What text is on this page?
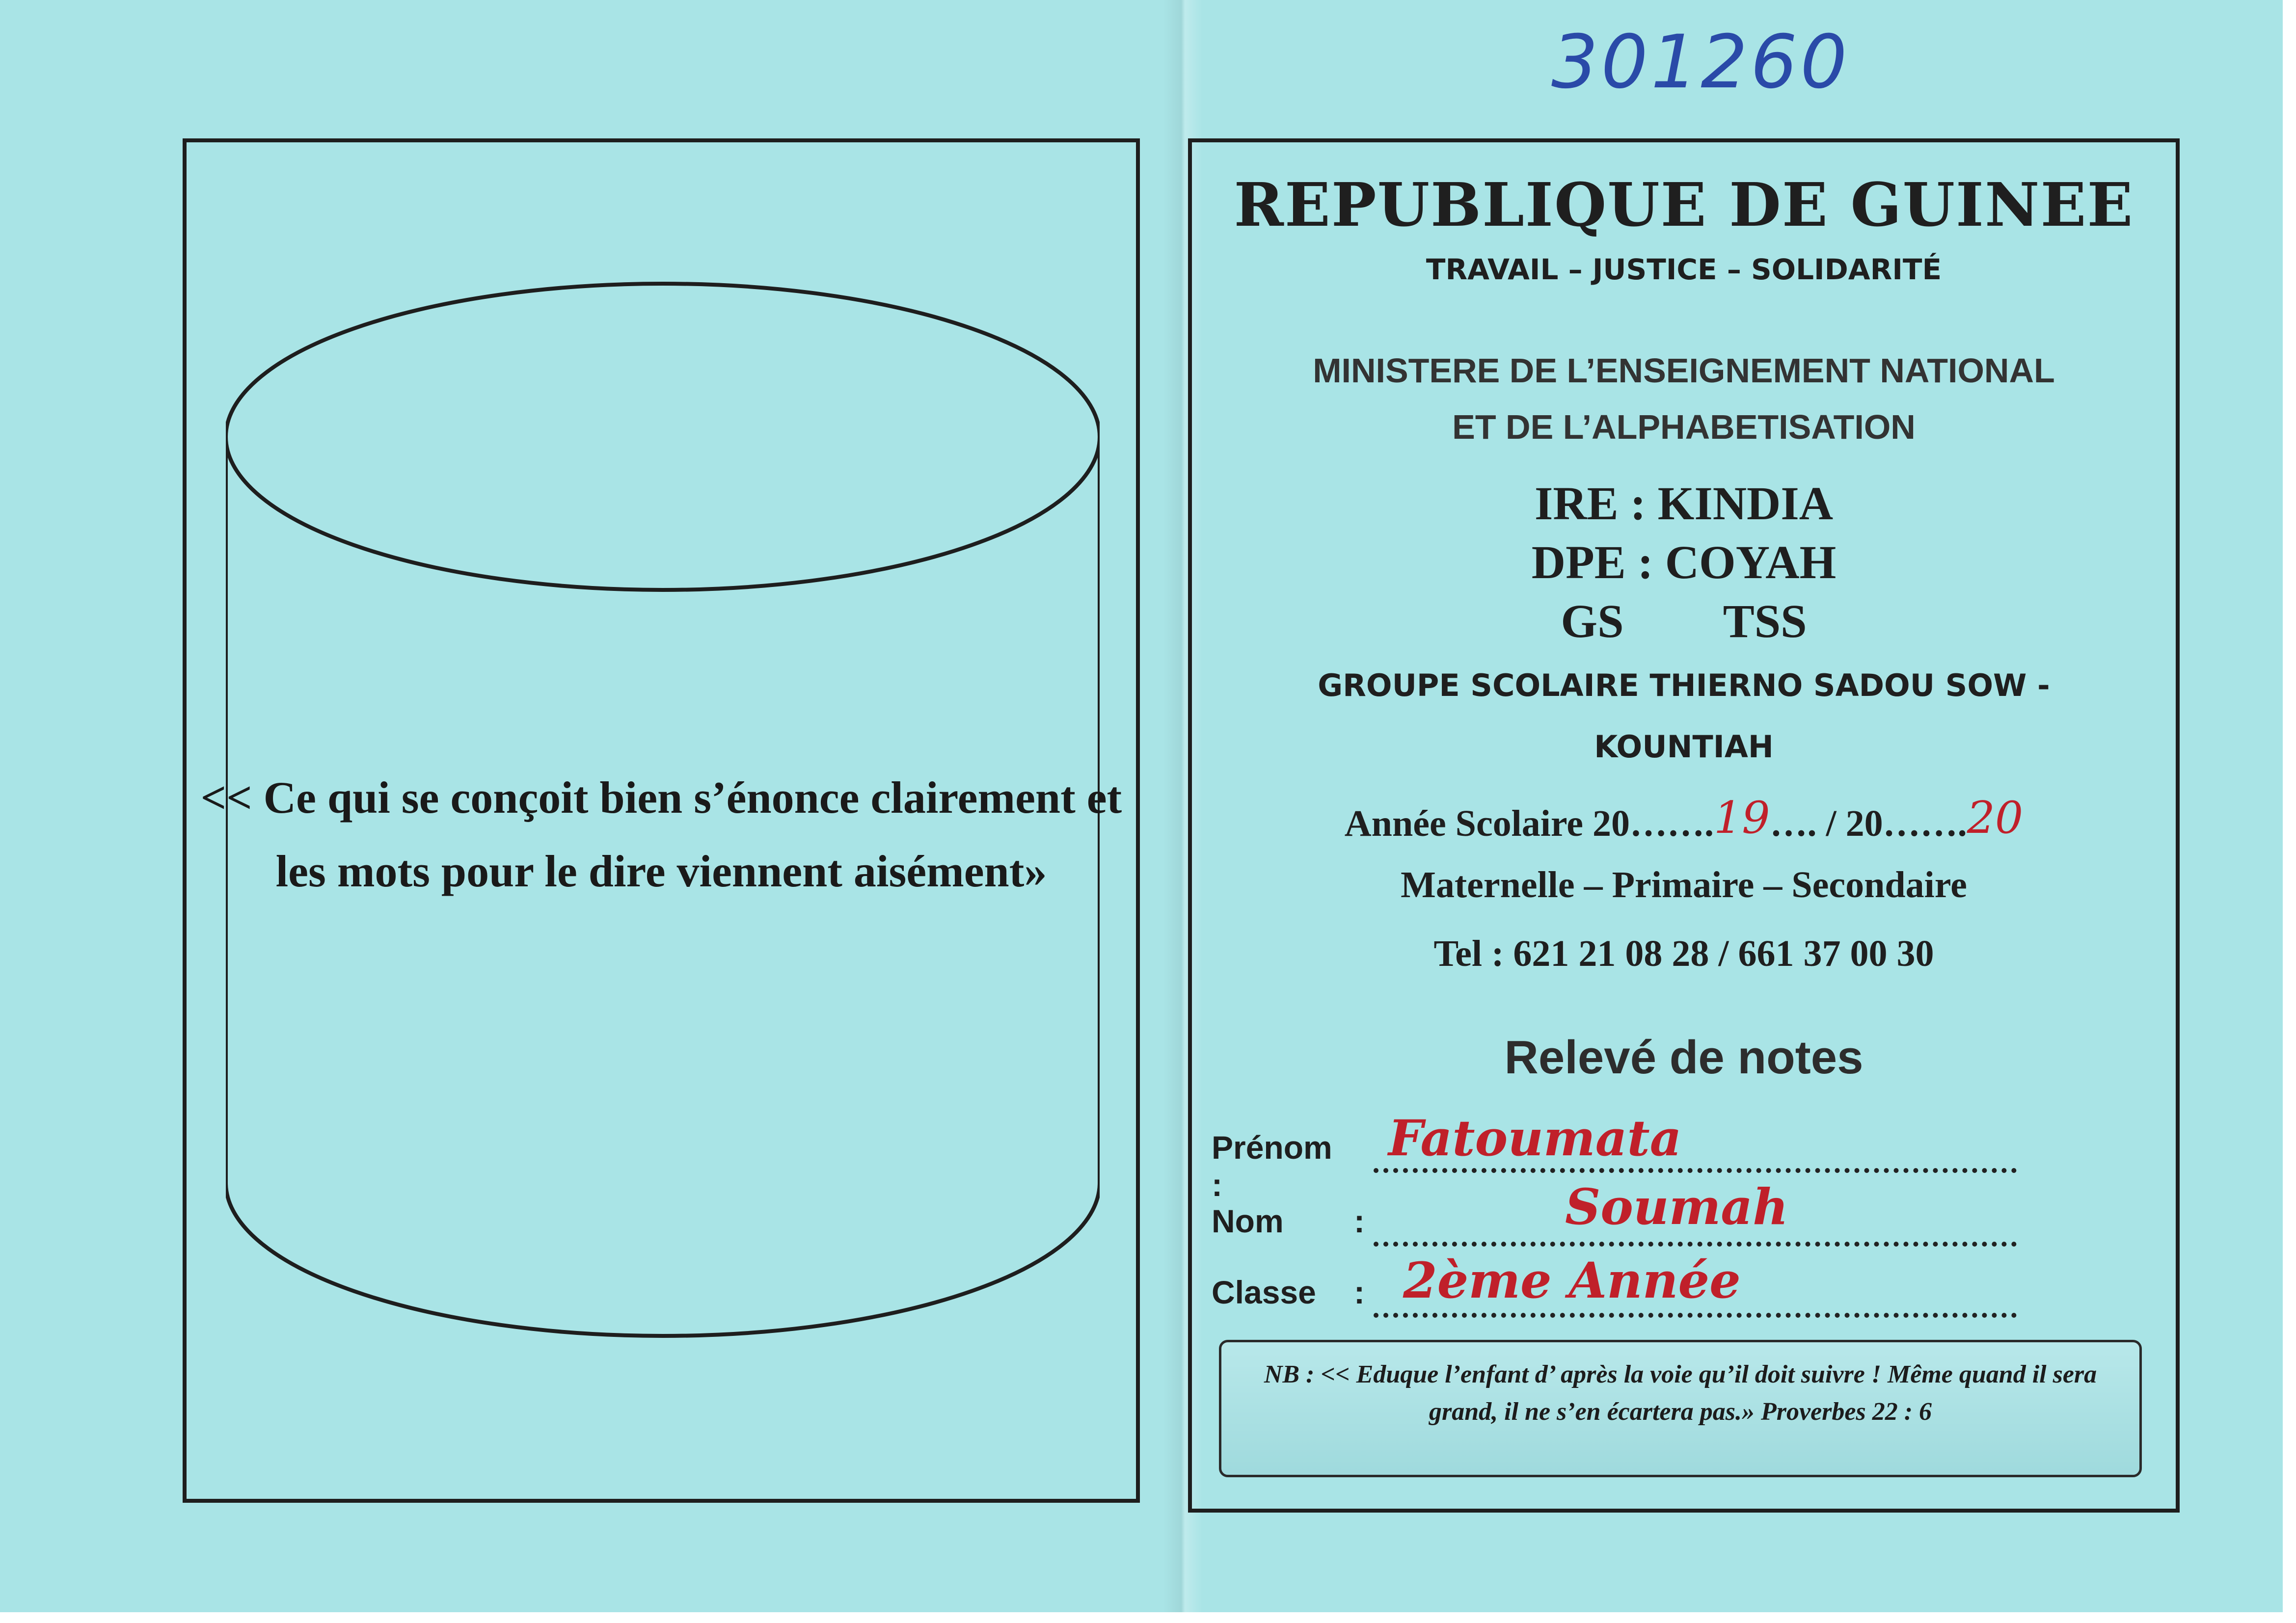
301260
<< Ce qui se conçoit bien s’énonce clairement et les mots pour le dire viennent aisément»
REPUBLIQUE DE GUINEE
TRAVAIL – JUSTICE – SOLIDARITÉ
MINISTERE DE L’ENSEIGNEMENT NATIONAL
ET DE L’ALPHABETISATION
IRE : KINDIA
DPE : COYAH
GS TSS
GROUPE SCOLAIRE THIERNO SADOU SOW -
KOUNTIAH
Année Scolaire 20…….19…. / 20…….20
Maternelle – Primaire – Secondaire
Tel : 621 21 08 28 / 661 37 00 30
Relevé de notes
Prénom :
Fatoumata
Nom :	Soumah
Classe : 2ème Année
NB : << Eduque l’enfant d’ après la voie qu’il doit suivre ! Même quand il sera grand, il ne s’en écartera pas.» Proverbes 22 : 6
